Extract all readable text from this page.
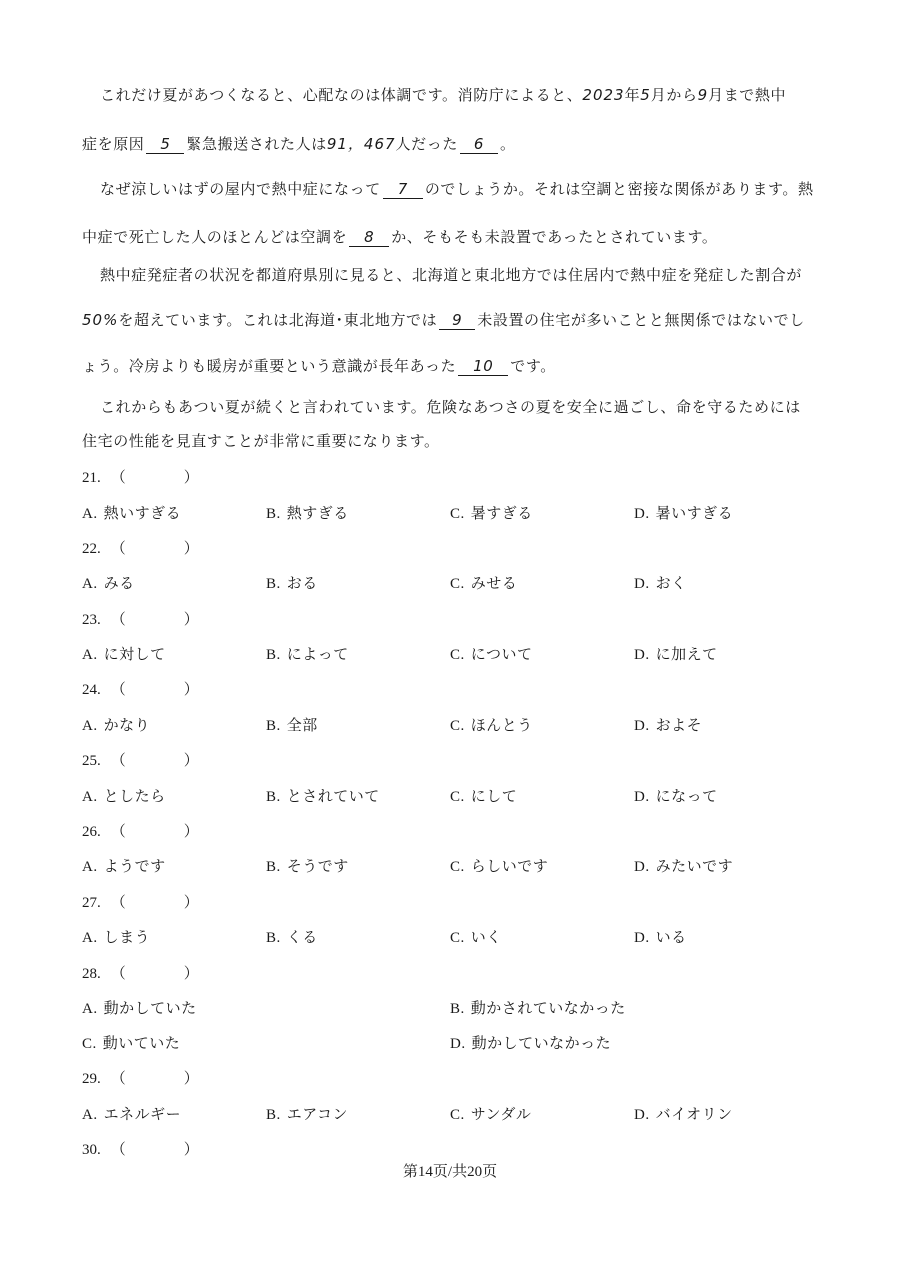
これだけ夏があつくなると、心配なのは体調です。消防庁によると、2023年5月から9月まで熱中
症を原因 5 緊急搬送された人は91，467人だった 6 。
なぜ涼しいはずの屋内で熱中症になって 7 のでしょうか。それは空調と密接な関係があります。熱
中症で死亡した人のほとんどは空調を 8 か、そもそも未設置であったとされています。
熱中症発症者の状況を都道府県別に見ると、北海道と東北地方では住居内で熱中症を発症した割合が
50%を超えています。これは北海道･東北地方では 9 未設置の住宅が多いことと無関係ではないでし
ょう。冷房よりも暖房が重要という意識が長年あった 10 です。
これからもあつい夏が続くと言われています。危険なあつさの夏を安全に過ごし、命を守るためには
住宅の性能を見直すことが非常に重要になります。
21. （	）
A. 熱いすぎる	B. 熱すぎる	C. 暑すぎる	D. 暑いすぎる
22. （	）
A. みる	B. おる	C. みせる	D. おく
23. （	）
A. に対して	B. によって	C. について	D. に加えて
24. （	）
A. かなり	B. 全部	C. ほんとう	D. およそ
25. （	）
A. としたら	B. とされていて	C. にして	D. になって
26. （	）
A. ようです	B. そうです	C. らしいです	D. みたいです
27. （	）
A. しまう	B. くる	C. いく	D. いる
28. （	）
A. 動かしていた	B. 動かされていなかった
C. 動いていた	D. 動かしていなかった
29. （	）
A. エネルギー	B. エアコン	C. サンダル	D. バイオリン
30. （	）
第14页/共20页
